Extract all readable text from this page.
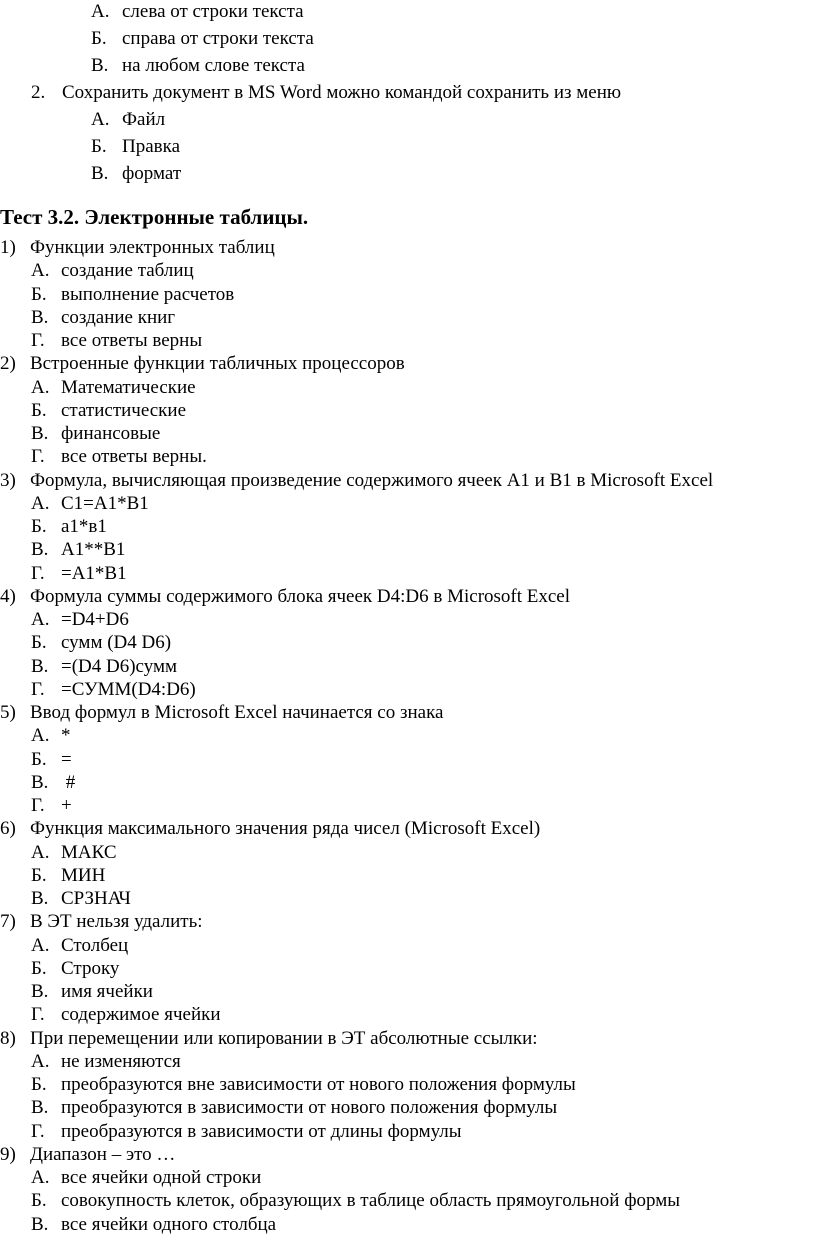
А. слева от строки текста
Б. справа от строки текста
В. на любом слове текста
2. Сохранить документ в MS Word можно командой сохранить из меню
А. Файл
Б. Правка
В. формат
Тест 3.2. Электронные таблицы.
1) Функции электронных таблиц
А. создание таблиц
Б. выполнение расчетов
В. создание книг
Г. все ответы верны
2) Встроенные функции табличных процессоров
А. Математические
Б. статистические
В. финансовые
Г. все ответы верны.
3) Формула, вычисляющая произведение содержимого ячеек А1 и В1 в Microsoft Excel
А. С1=А1*В1
Б. а1*в1
В. А1**В1
Г. =А1*В1
4) Формула суммы содержимого блока ячеек D4:D6 в Microsoft Excel
А. =D4+D6
Б. сумм (D4 D6)
В. =(D4 D6)сумм
Г. =СУММ(D4:D6)
5) Ввод формул в Microsoft Excel начинается со знака
А. *
Б. =
В. #
Г. +
6) Функция максимального значения ряда чисел (Microsoft Excel)
А. МАКС
Б. МИН
В. СРЗНАЧ
7) В ЭТ нельзя удалить:
А. Столбец
Б. Строку
В. имя ячейки
Г. содержимое ячейки
8) При перемещении или копировании в ЭТ абсолютные ссылки:
А. не изменяются
Б. преобразуются вне зависимости от нового положения формулы
В. преобразуются в зависимости от нового положения формулы
Г. преобразуются в зависимости от длины формулы
9) Диапазон – это …
А. все ячейки одной строки
Б. совокупность клеток, образующих в таблице область прямоугольной формы
В. все ячейки одного столбца
